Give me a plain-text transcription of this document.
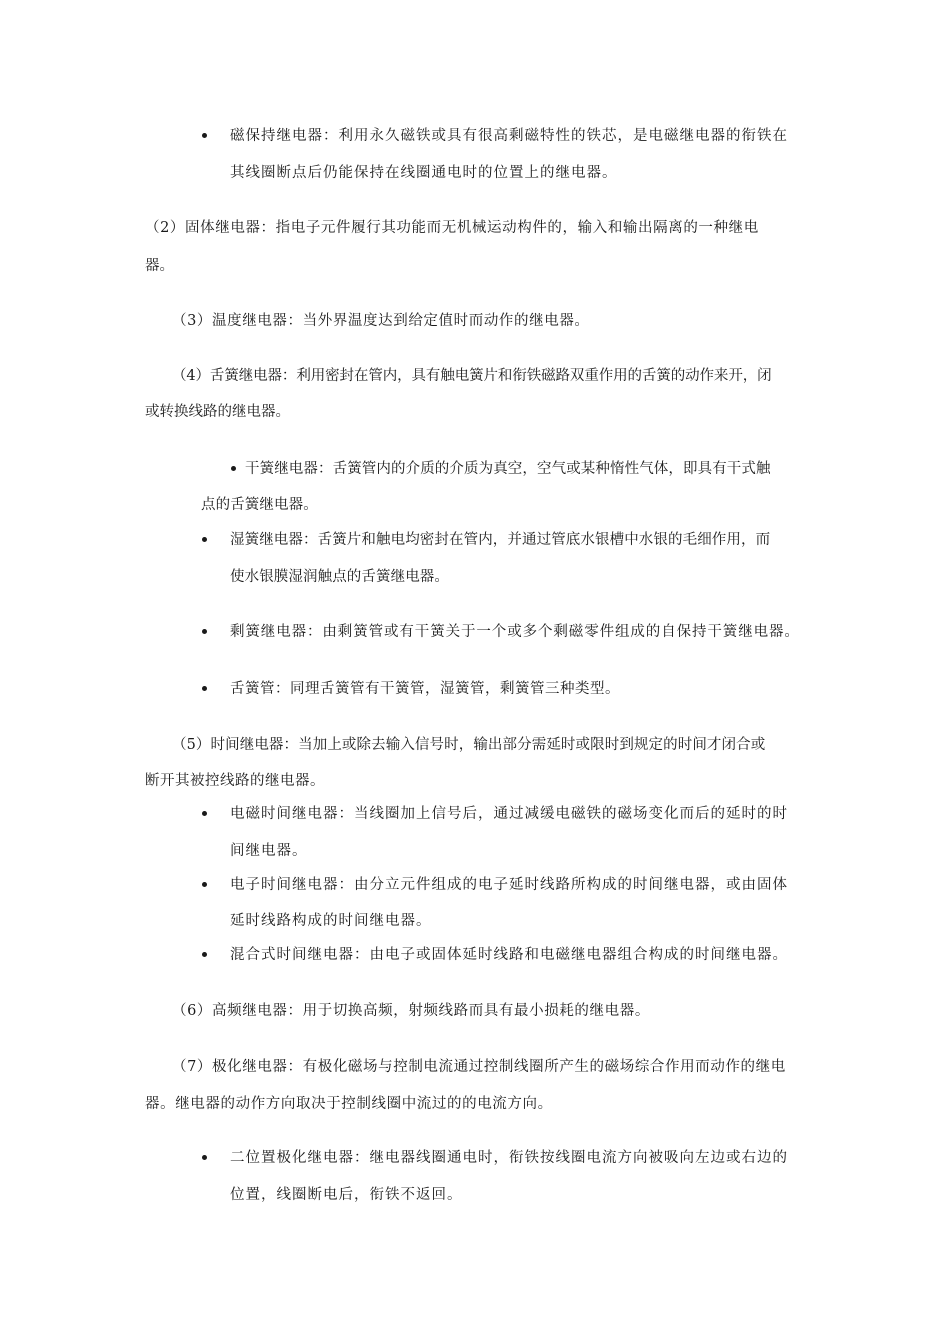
磁保持继电器：利用永久磁铁或具有很高剩磁特性的铁芯，是电磁继电器的衔铁在
其线圈断点后仍能保持在线圈通电时的位置上的继电器。
（2）固体继电器：指电子元件履行其功能而无机械运动构件的，输入和输出隔离的一种继电
器。
（3）温度继电器：当外界温度达到给定值时而动作的继电器。
（4）舌簧继电器：利用密封在管内，具有触电簧片和衔铁磁路双重作用的舌簧的动作来开，闭
或转换线路的继电器。
干簧继电器：舌簧管内的介质的介质为真空，空气或某种惰性气体，即具有干式触
点的舌簧继电器。
湿簧继电器：舌簧片和触电均密封在管内，并通过管底水银槽中水银的毛细作用，而
使水银膜湿润触点的舌簧继电器。
剩簧继电器：由剩簧管或有干簧关于一个或多个剩磁零件组成的自保持干簧继电器。
舌簧管：同理舌簧管有干簧管，湿簧管，剩簧管三种类型。
（5）时间继电器：当加上或除去输入信号时，输出部分需延时或限时到规定的时间才闭合或
断开其被控线路的继电器。
电磁时间继电器：当线圈加上信号后，通过减缓电磁铁的磁场变化而后的延时的时
间继电器。
电子时间继电器：由分立元件组成的电子延时线路所构成的时间继电器，或由固体
延时线路构成的时间继电器。
混合式时间继电器：由电子或固体延时线路和电磁继电器组合构成的时间继电器。
（6）高频继电器：用于切换高频，射频线路而具有最小损耗的继电器。
（7）极化继电器：有极化磁场与控制电流通过控制线圈所产生的磁场综合作用而动作的继电
器。继电器的动作方向取决于控制线圈中流过的的电流方向。
二位置极化继电器：继电器线圈通电时，衔铁按线圈电流方向被吸向左边或右边的
位置，线圈断电后，衔铁不返回。
